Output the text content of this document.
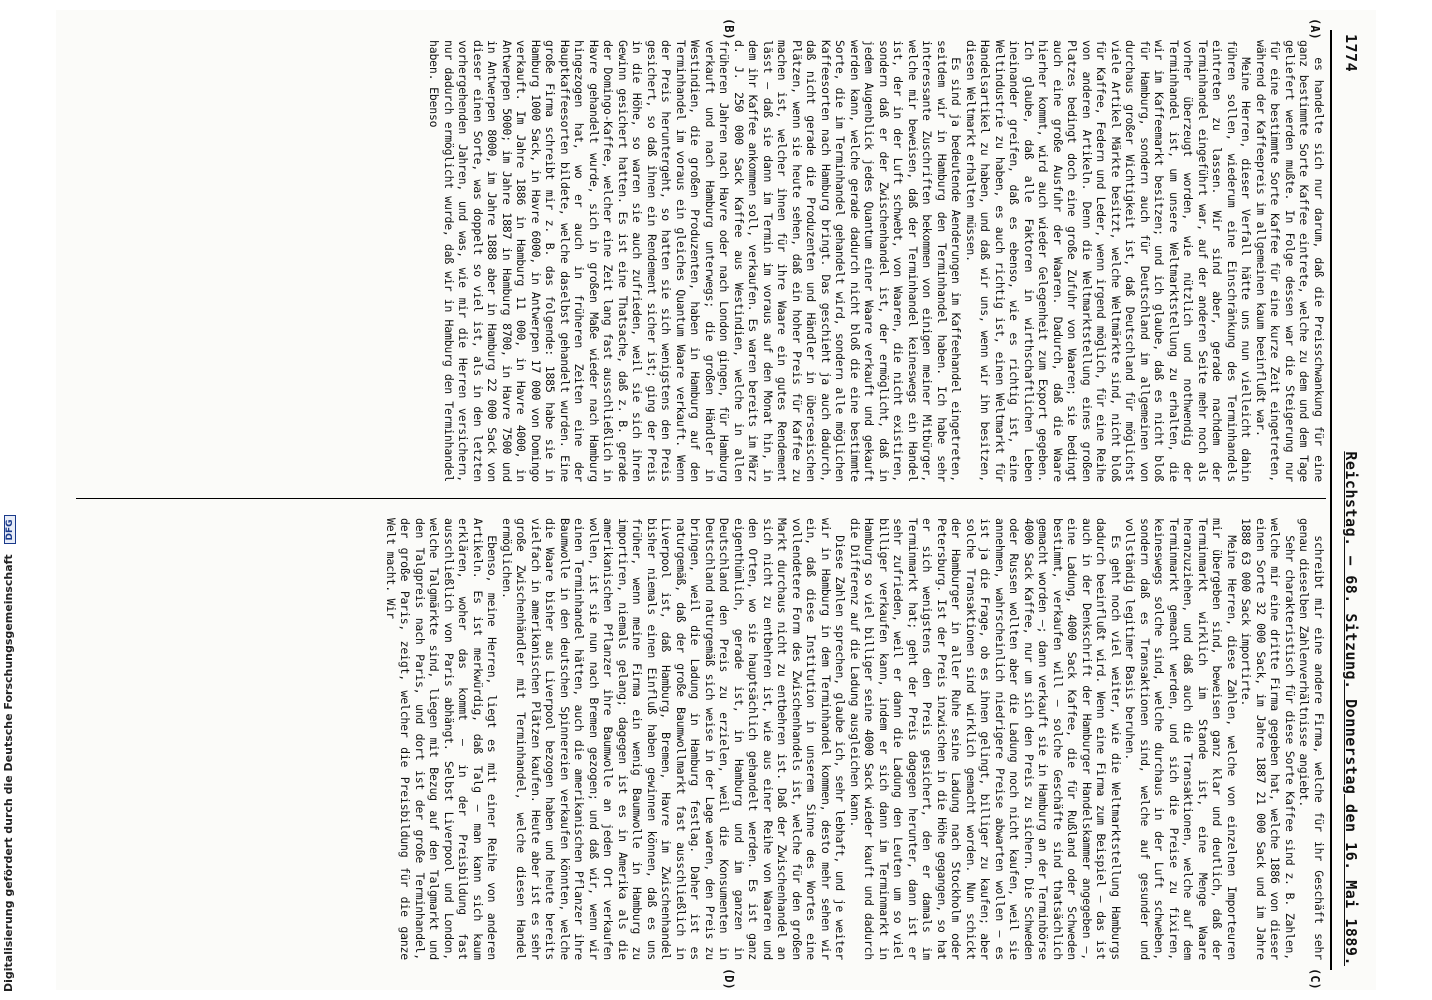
1774
Reichstag. — 68. Sitzung. Donnerstag den 16. Mai 1889.
(A)
(B)
(C)
(D)

es handelte sich nur darum, daß die Preisschwankung für eine ganz bestimmte Sorte Kaffee eintrete, welche zu dem und dem Tage geliefert werden mußte. In Folge dessen war die Steigerung nur für eine bestimmte Sorte Kaffee für eine kurze Zeit eingetreten, während der Kaffeepreis im allgemeinen kaum beeinflußt war.

Meine Herren, dieser Verfall hätte uns nun vielleicht dahin führen sollen, wiederum eine Einschränkung des Terminhandels eintreten zu lassen. Wir sind aber, gerade nachdem der Terminhandel eingeführt war, auf der anderen Seite mehr noch als vorher überzeugt worden, wie nützlich und nothwendig der Terminhandel ist, um unsere Weltmarktstellung zu erhalten, die wir im Kaffeemarkt besitzen; und ich glaube, daß es nicht bloß für Hamburg, sondern auch für Deutschland im allgemeinen von durchaus großer Wichtigkeit ist, daß Deutschland für möglichst viele Artikel Märkte besitzt, welche Weltmärkte sind, nicht bloß für Kaffee, Federn und Leder, wenn irgend möglich, für eine Reihe von anderen Artikeln. Denn die Weltmarktstellung eines großen Platzes bedingt doch eine große Zufuhr von Waaren; sie bedingt auch eine große Ausfuhr der Waaren. Dadurch, daß die Waare hierher kommt, wird auch wieder Gelegenheit zum Export gegeben. Ich glaube, daß alle Faktoren in wirthschaftlichen Leben ineinander greifen, daß es ebenso, wie es richtig ist, eine Weltindustrie zu haben, es auch richtig ist, einen Weltmarkt für Handelsartikel zu haben, und daß wir uns, wenn wir ihn besitzen, diesen Weltmarkt erhalten müssen.

Es sind ja bedeutende Aenderungen im Kaffeehandel eingetreten, seitdem wir in Hamburg den Terminhandel haben. Ich habe sehr interessante Zuschriften bekommen von einigen meiner Mitbürger, welche mir beweisen, daß der Terminhandel keineswegs ein Handel ist, der in der Luft schwebt, von Waaren, die nicht existiren, sondern daß er der Zwischenhandel ist, der ermöglicht, daß in jedem Augenblick jedes Quantum einer Waare verkauft und gekauft werden kann, welche gerade dadurch nicht bloß die eine bestimmte Sorte, die im Terminhandel gehandelt wird, sondern alle möglichen Kaffeesorten nach Hamburg bringt. Das geschieht ja auch dadurch, daß nicht gerade die Produzenten und Händler in überseeischen Plätzen, wenn sie heute sehen, daß ein hoher Preis für Kaffee zu machen ist, welcher ihnen für ihre Waare ein gutes Rendement lässt — daß sie dann im Termin im voraus auf den Monat hin, in dem ihr Kaffee ankommen soll, verkaufen. Es waren bereits im März d. J. 250 000 Sack Kaffee aus Westindien, welche in allen früheren Jahren nach Havre oder nach London gingen, für Hamburg verkauft und nach Hamburg unterwegs; die großen Händler in Westindien, die großen Produzenten, haben in Hamburg auf den Terminhandel im voraus ein gleiches Quantum Waare verkauft. Wenn der Preis heruntergeht, so hatten sie sich wenigstens den Preis gesichert, so daß ihnen ein Rendement sicher ist; ging der Preis in die Höhe, so waren sie auch zufrieden, weil sie sich ihren Gewinn gesichert hatten. Es ist eine Thatsache, daß z. B. gerade der Domingo-Kaffee, welcher eine Zeit lang fast ausschließlich in Havre gehandelt wurde, sich in großen Maße wieder nach Hamburg hingezogen hat, wo er auch in früheren Zeiten eine der Hauptkaffeesorten bildete, welche daselbst gehandelt wurden. Eine große Firma schreibt mir z. B. das folgende: 1885 habe sie in Hamburg 1000 Sack, in Havre 6000, in Antwerpen 17 000 von Domingo verkauft. Im Jahre 1886 in Hamburg 11 000, in Havre 4000, in Antwerpen 5000; im Jahre 1887 in Hamburg 8700, in Havre 7500 und in Antwerpen 8000, im Jahre 1888 aber in Hamburg 22 000 Sack von dieser einen Sorte, was doppelt so viel ist, als in den letzten vorhergehenden Jahren, und was, wie mir die Herren versichern, nur dadurch ermöglicht wurde, daß wir in Hamburg den Terminhandel haben. Ebenso

schreibt mir eine andere Firma, welche für ihr Geschäft sehr genau dieselben Zahlenverhältnisse angiebt.

Sehr charakteristisch für diese Sorte Kaffee sind z. B. Zahlen, welche mir eine dritte Firma gegeben hat, welche 1886 von dieser einen Sorte 32 000 Sack, im Jahre 1887 21 000 Sack und im Jahre 1888 63 000 Sack importirte.

Meine Herren, diese Zahlen, welche von einzelnen Importeuren mir übergeben sind, beweisen ganz klar und deutlich, daß der Terminmarkt wirklich im Stande ist, eine Menge Waare heranzuziehen, und daß auch die Transaktionen, welche auf dem Terminmarkt gemacht werden, und sich die Preise zu fixiren, keineswegs solche sind, welche durchaus in der Luft schweben, sondern daß es Transaktionen sind, welche auf gesunder und vollständig legitimer Basis beruhen.

Es geht noch viel weiter, wie die Weltmarktstellung Hamburgs dadurch beeinflußt wird. Wenn eine Firma zum Beispiel — das ist auch in der Denkschrift der Hamburger Handelskammer angegeben —, eine Ladung, 4000 Sack Kaffee, die für Rußland oder Schweden bestimmt, verkaufen will — solche Geschäfte sind thatsächlich gemacht worden —; dann verkauft sie in Hamburg an der Terminbörse 4000 Sack Kaffee, nur um sich den Preis zu sichern. Die Schweden oder Russen wollten aber die Ladung noch nicht kaufen, weil sie annehmen, wahrscheinlich niedrigere Preise abwarten wollen — es ist ja die Frage, ob es ihnen gelingt, billiger zu kaufen; aber solche Transaktionen sind wirklich gemacht worden. Nun schickt der Hamburger in aller Ruhe seine Ladung nach Stockholm oder Petersburg. Ist der Preis inzwischen in die Höhe gegangen, so hat er sich wenigstens den Preis gesichert, den er damals im Terminmarkt hat; geht der Preis dagegen herunter, dann ist er sehr zufrieden, weil er dann die Ladung den Leuten um so viel billiger verkaufen kann, indem er sich dann im Terminmarkt in Hamburg so viel billiger seine 4000 Sack wieder kauft und dadurch die Differenz auf die Ladung ausgleichen kann.

Diese Zahlen sprechen, glaube ich, sehr lebhaft, und je weiter wir in Hamburg in dem Terminhandel kommen, desto mehr sehen wir ein, daß diese Institution in unserem Sinne des Wortes eine vollendetere Form des Zwischenhandels ist, welche für den großen Markt durchaus nicht zu entbehren ist. Daß der Zwischenhandel an sich nicht zu entbehren ist, wie aus einer Reihe von Waaren und den Orten, wo sie hauptsächlich gehandelt werden. Es ist ganz eigenthümlich, gerade ist, in Hamburg und im ganzen in Deutschland den Preis zu erzielen, weil die Konsumenten in Deutschland naturgemäß sich weise in der Lage waren, den Preis zu bringen, weil die Ladung in Hamburg festlag. Daher ist es naturgemäß, daß der große Baumwollmarkt fast ausschließlich in Liverpool ist, daß Hamburg, Bremen, Havre im Zwischenhandel bisher niemals einen Einfluß haben gewinnen können, daß es uns früher, wenn meine Firma ein wenig Baumwolle in Hamburg zu importiren, niemals gelang; dagegen ist es in Amerika als die amerikanischen Pflanzer ihre Baumwolle an jeden Ort verkaufen wollen, ist sie nun nach Bremen gezogen; und daß wir, wenn wir einen Terminhandel hätten, auch die amerikanischen Pflanzer ihre Baumwolle in den deutschen Spinnereien verkaufen könnten, welche die Waare bisher aus Liverpool bezogen haben und heute bereits vielfach in amerikanischen Plätzen kaufen. Heute aber ist es sehr große Zwischenhändler mit Terminhandel, welche diesen Handel ermöglichen.

Ebenso, meine Herren, liegt es mit einer Reihe von anderen Artikeln. Es ist merkwürdig, daß Talg — man kann sich kaum erklären, woher das kommt — in der Preisbildung fast ausschließlich von Paris abhängt. Selbst Liverpool und London, welche Talgmärkte sind, liegen mit Bezug auf den Talgmarkt und den Talgpreis nach Paris, und dort ist der große Terminhandel, der große Paris, zeigt, welcher die Preisbildung für die ganze Welt macht. Wir

Digitalisierung gefördert durch die Deutsche Forschungsgemeinschaft DFG
